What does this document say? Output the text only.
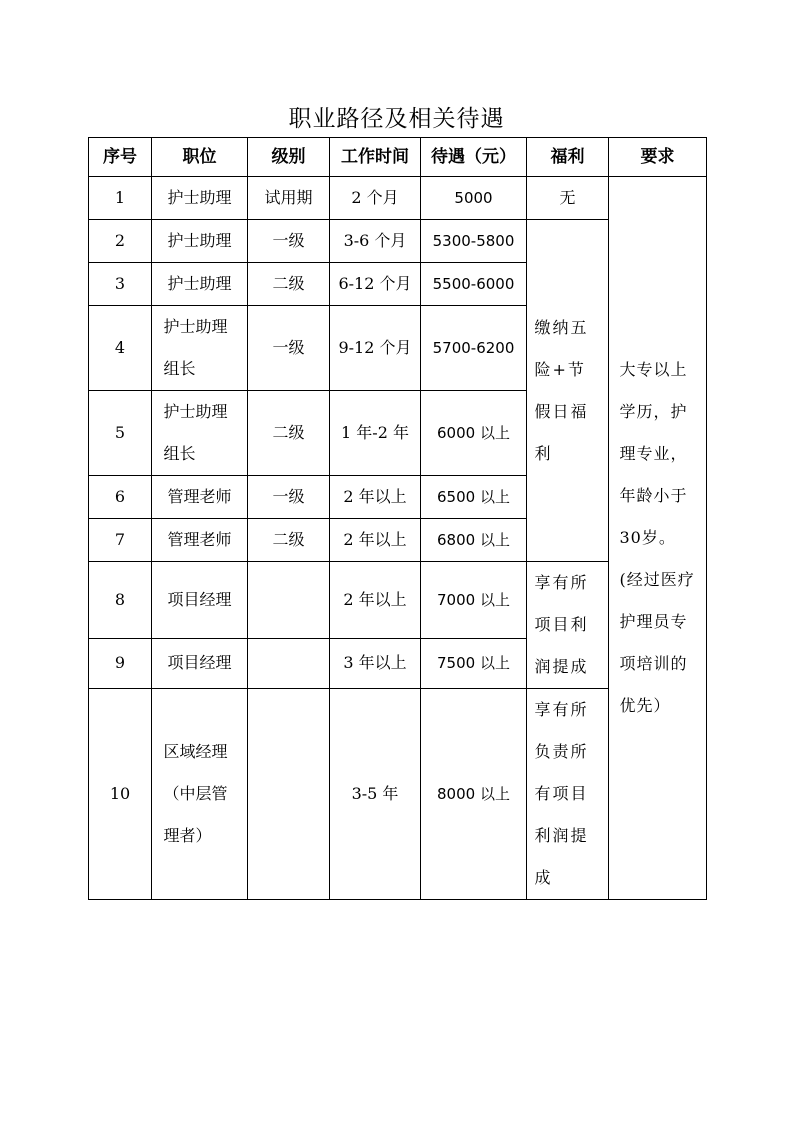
职业路径及相关待遇
序号	职位	级别	工作时间	待遇（元）	福利	要求
1	护士助理	试用期	2 个月	5000	无	大专以上学历，护理专业，年龄小于30岁。(经过医疗护理员专项培训的优先）
2	护士助理	一级	3-6 个月	5300-5800	缴纳五险+节假日福利	
3	护士助理	二级	6-12 个月	5500-6000		
4	护士助理组长	一级	9-12 个月	5700-6200		
5	护士助理组长	二级	1 年-2 年	6000 以上		
6	管理老师	一级	2 年以上	6500 以上		
7	管理老师	二级	2 年以上	6800 以上		
8	项目经理		2 年以上	7000 以上	享有所项目利润提成	
9	项目经理		3 年以上	7500 以上		
10	区域经理（中层管理者）		3-5 年	8000 以上	享有所负责所有项目利润提成	
